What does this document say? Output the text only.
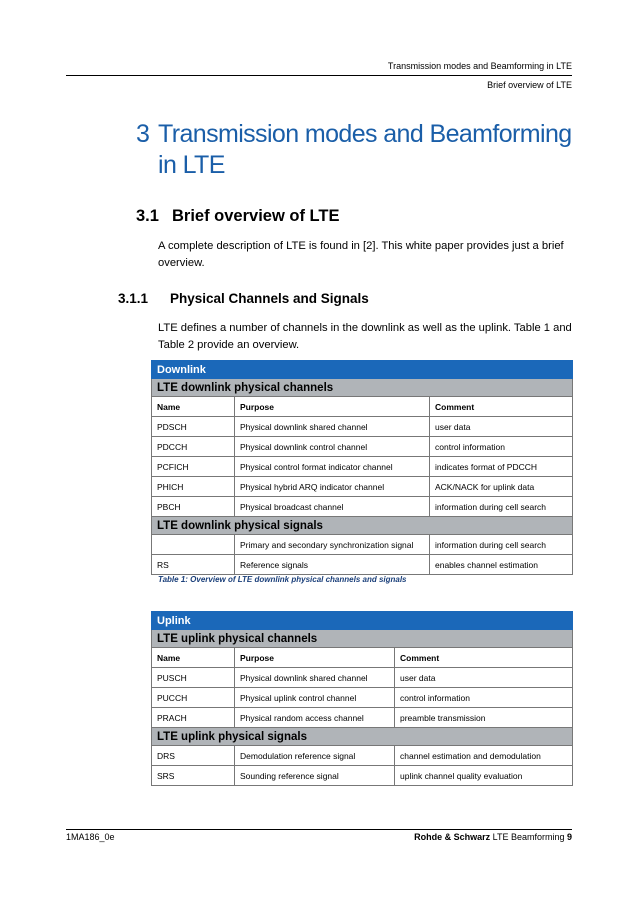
Transmission modes and Beamforming in LTE
Brief overview of LTE
3 Transmission modes and Beamforming in LTE
3.1 Brief overview of LTE
A complete description of LTE is found in [2]. This white paper provides just a brief overview.
3.1.1	Physical Channels and Signals
LTE defines a number of channels in the downlink as well as the uplink. Table 1 and Table 2 provide an overview.
Downlink		
LTE downlink physical channels		
Name	Purpose	Comment
PDSCH	Physical downlink shared channel	user data
PDCCH	Physical downlink control channel	control information
PCFICH	Physical control format indicator channel	indicates format of PDCCH
PHICH	Physical hybrid ARQ indicator channel	ACK/NACK for uplink data
PBCH	Physical broadcast channel	information during cell search
LTE downlink physical signals		
	Primary and secondary synchronization signal	information during cell search
RS	Reference signals	enables channel estimation
Table 1: Overview of LTE downlink physical channels and signals
Uplink		
LTE uplink physical channels		
Name	Purpose	Comment
PUSCH	Physical downlink shared channel	user data
PUCCH	Physical uplink control channel	control information
PRACH	Physical random access channel	preamble transmission
LTE uplink physical signals		
DRS	Demodulation reference signal	channel estimation and demodulation
SRS	Sounding reference signal	uplink channel quality evaluation
1MA186_0e	Rohde & Schwarz LTE Beamforming 9
